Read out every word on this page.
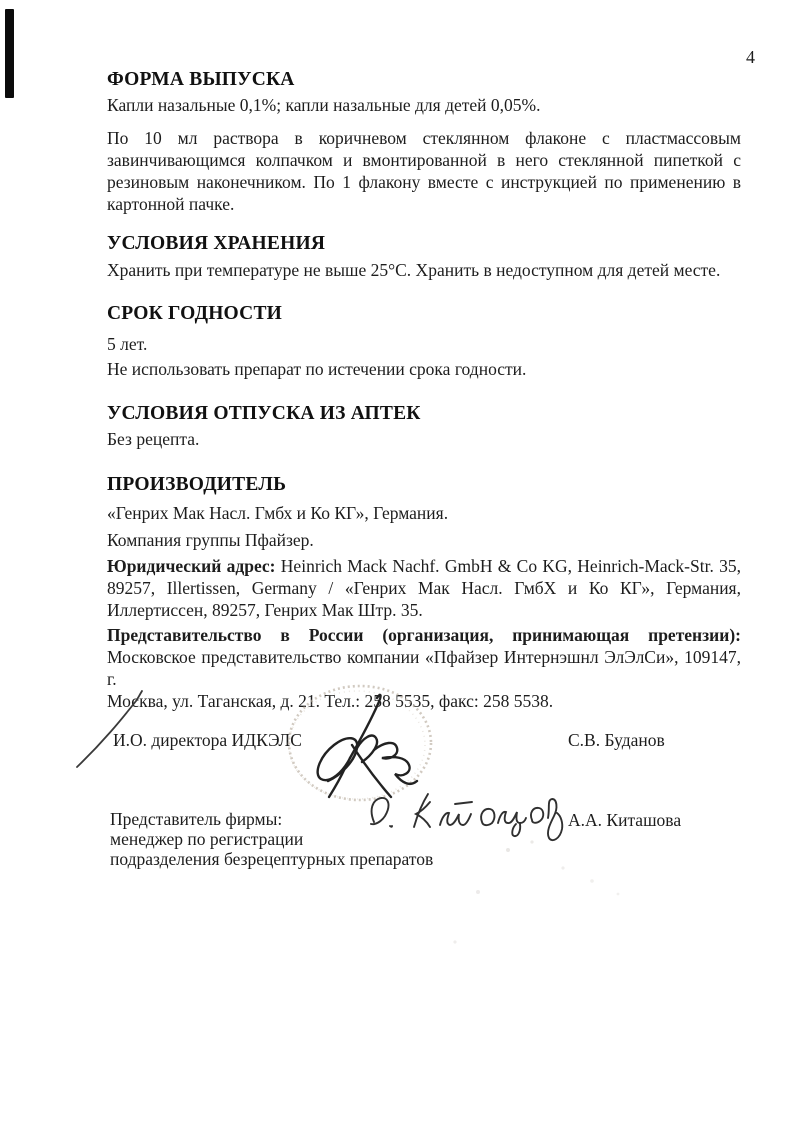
4
ФОРМА ВЫПУСКА
Капли назальные 0,1%; капли назальные для детей 0,05%.
По 10 мл раствора в коричневом стеклянном флаконе с пластмассовым
завинчивающимся колпачком и вмонтированной в него стеклянной пипеткой с
резиновым наконечником. По 1 флакону вместе с инструкцией по применению в
картонной пачке.
УСЛОВИЯ ХРАНЕНИЯ
Хранить при температуре не выше 25°С. Хранить в недоступном для детей месте.
СРОК ГОДНОСТИ
5 лет.
Не использовать препарат по истечении срока годности.
УСЛОВИЯ ОТПУСКА ИЗ АПТЕК
Без рецепта.
ПРОИЗВОДИТЕЛЬ
«Генрих Мак Насл. Гмбх и Ко КГ», Германия.
Компания группы Пфайзер.
Юридический адрес: Heinrich Mack Nachf. GmbH & Co KG, Heinrich-Mack-Str. 35,
89257, Illertissen, Germany / «Генрих Мак Насл. ГмбХ и Ко КГ», Германия,
Иллертиссен, 89257, Генрих Мак Штр. 35.
Представительство в России (организация, принимающая претензии):
Московское представительство компании «Пфайзер Интернэшнл ЭлЭлСи», 109147, г.
Москва, ул. Таганская, д. 21. Тел.: 258 5535, факс: 258 5538.
И.О. директора ИДКЭЛС	С.В. Буданов
Представитель фирмы:
менеджер по регистрации
подразделения безрецептурных препаратов
А.А. Киташова
